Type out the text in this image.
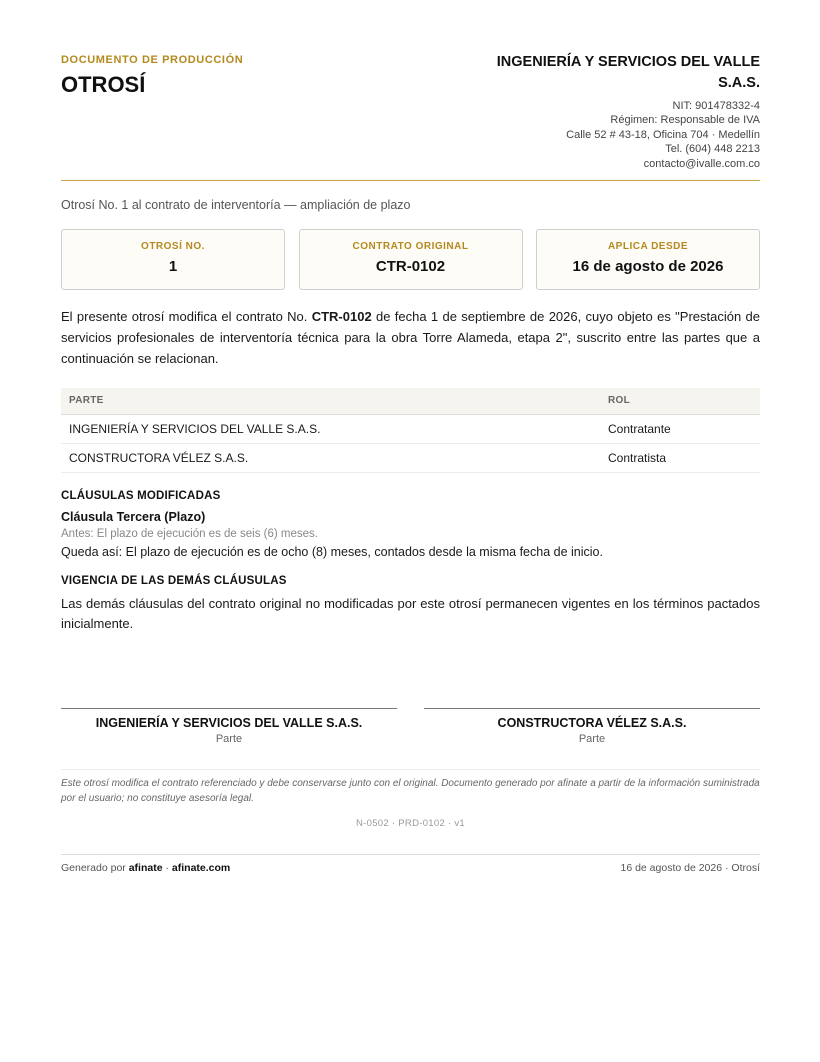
DOCUMENTO DE PRODUCCIÓN
OTROSÍ
INGENIERÍA Y SERVICIOS DEL VALLE S.A.S.
NIT: 901478332-4
Régimen: Responsable de IVA
Calle 52 # 43-18, Oficina 704 · Medellín
Tel. (604) 448 2213
contacto@ivalle.com.co
Otrosí No. 1 al contrato de interventoría — ampliación de plazo
OTROSÍ NO.
1
CONTRATO ORIGINAL
CTR-0102
APLICA DESDE
16 de agosto de 2026

El presente otrosí modifica el contrato No. CTR-0102 de fecha 1 de septiembre de 2026, cuyo objeto es "Prestación de servicios profesionales de interventoría técnica para la obra Torre Alameda, etapa 2", suscrito entre las partes que a continuación se relacionan.

PARTE	ROL
INGENIERÍA Y SERVICIOS DEL VALLE S.A.S.	Contratante
CONSTRUCTORA VÉLEZ S.A.S.	Contratista
CLÁUSULAS MODIFICADAS
Cláusula Tercera (Plazo)
Antes: El plazo de ejecución es de seis (6) meses.
Queda así: El plazo de ejecución es de ocho (8) meses, contados desde la misma fecha de inicio.
VIGENCIA DE LAS DEMÁS CLÁUSULAS

Las demás cláusulas del contrato original no modificadas por este otrosí permanecen vigentes en los términos pactados inicialmente.

INGENIERÍA Y SERVICIOS DEL VALLE S.A.S.
Parte
CONSTRUCTORA VÉLEZ S.A.S.
Parte

Este otrosí modifica el contrato referenciado y debe conservarse junto con el original. Documento generado por afinate a partir de la información suministrada por el usuario; no constituye asesoría legal.

N-0502 · PRD-0102 · v1
Generado por afinate · afinate.com	16 de agosto de 2026 · Otrosí
